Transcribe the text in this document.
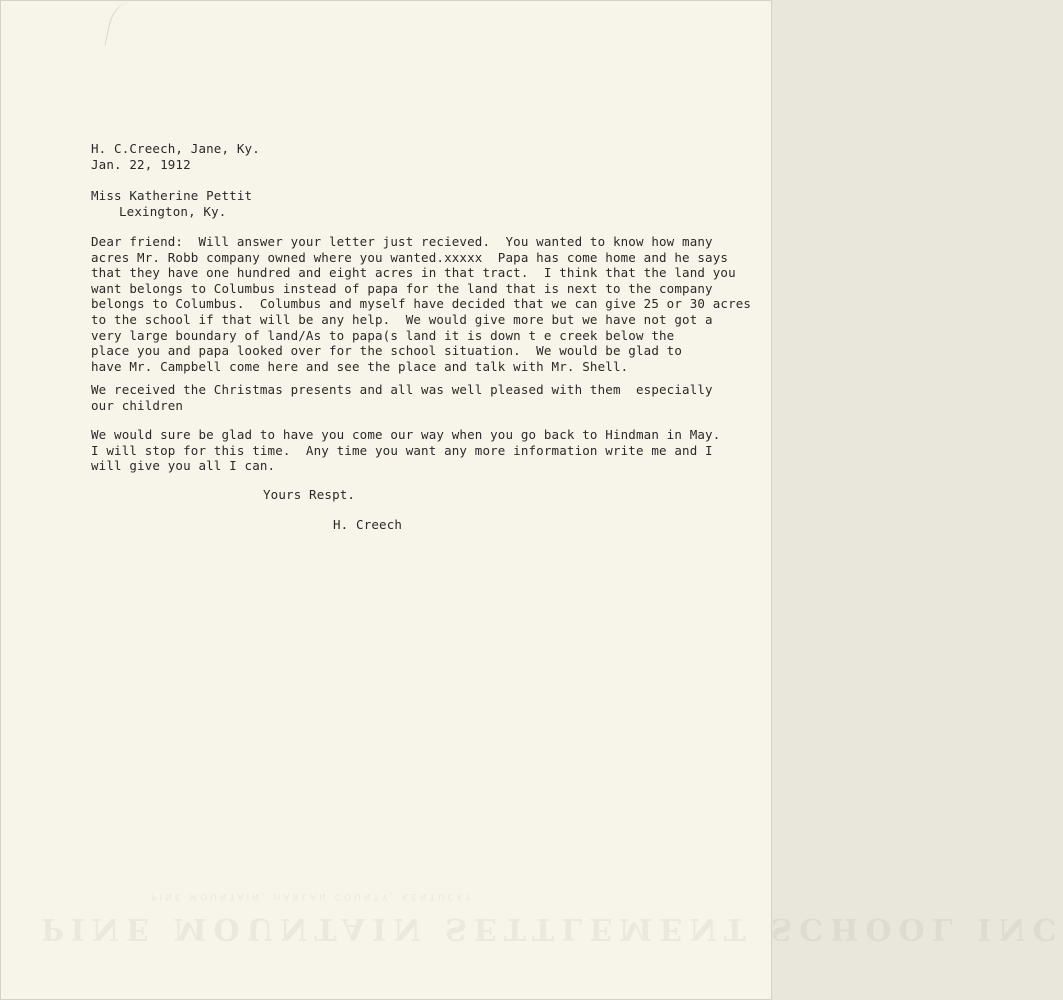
H. C.Creech, Jane, Ky.
Jan. 22, 1912
Miss Katherine Pettit
Lexington, Ky.
Dear friend:  Will answer your letter just recieved.  You wanted to know how many
acres Mr. Robb company owned where you wanted.xxxxx  Papa has come home and he says
that they have one hundred and eight acres in that tract.  I think that the land you
want belongs to Columbus instead of papa for the land that is next to the company
belongs to Columbus.  Columbus and myself have decided that we can give 25 or 30 acres
to the school if that will be any help.  We would give more but we have not got a
very large boundary of land/As to papa(s land it is down t e creek below the
place you and papa looked over for the school situation.  We would be glad to
have Mr. Campbell come here and see the place and talk with Mr. Shell.
We received the Christmas presents and all was well pleased with them  especially
our children
We would sure be glad to have you come our way when you go back to Hindman in May.
I will stop for this time.  Any time you want any more information write me and I
will give you all I can.
Yours Respt.
H. Creech
PINE MOUNTAIN, HARLAN COUNTY, KENTUCKY
PINE MOUNTAIN SETTLEMENT SCHOOL INC
